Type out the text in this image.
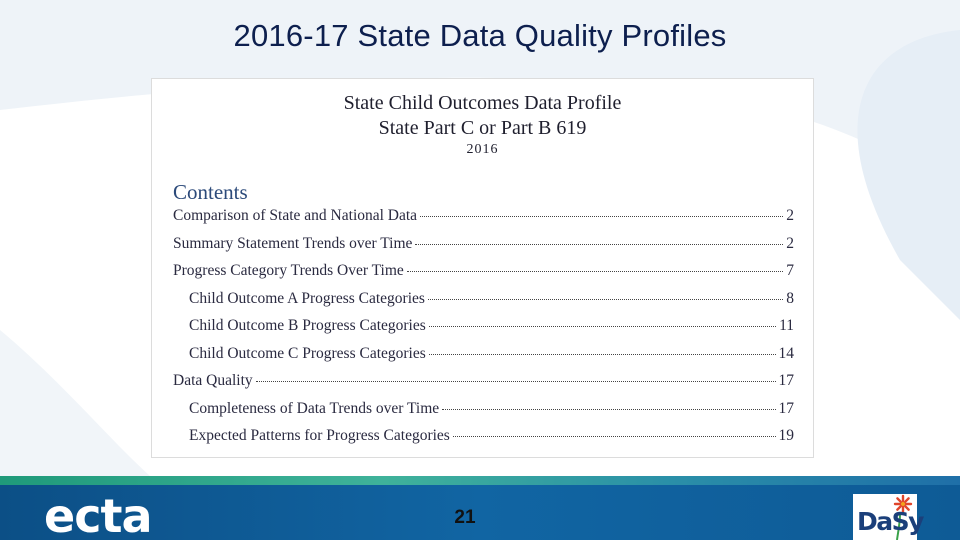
2016-17 State Data Quality Profiles
State Child Outcomes Data Profile
State Part C or Part B 619
2016
Contents
Comparison of State and National Data	2
Summary Statement Trends over Time	2
Progress Category Trends Over Time	7
Child Outcome A Progress Categories	8
Child Outcome B Progress Categories	11
Child Outcome C Progress Categories	14
Data Quality	17
Completeness of Data Trends over Time	17
Expected Patterns for Progress Categories	19
ecta	21	DaSy
